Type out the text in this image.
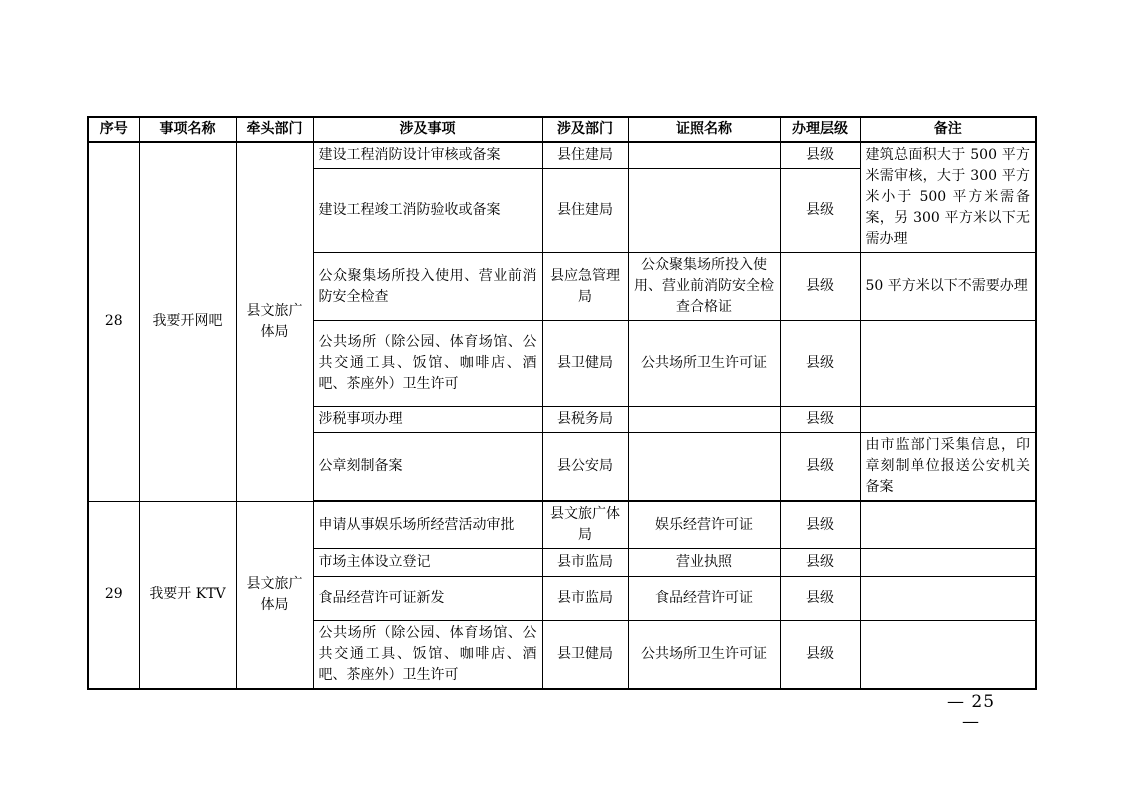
序号	事项名称	牵头部门	涉及事项	涉及部门	证照名称	办理层级	备注
28	我要开网吧	县文旅广体局	建设工程消防设计审核或备案	县住建局		县级	建筑总面积大于 500 平方米需审核，大于 300 平方米小于 500 平方米需备案，另 300 平方米以下无需办理
			建设工程竣工消防验收或备案	县住建局		县级	
			公众聚集场所投入使用、营业前消防安全检查	县应急管理局	公众聚集场所投入使用、营业前消防安全检查合格证	县级	50 平方米以下不需要办理
			公共场所（除公园、体育场馆、公共交通工具、饭馆、咖啡店、酒吧、茶座外）卫生许可	县卫健局	公共场所卫生许可证	县级	
			涉税事项办理	县税务局		县级	
			公章刻制备案	县公安局		县级	由市监部门采集信息，印章刻制单位报送公安机关备案
29	我要开 KTV	县文旅广体局	申请从事娱乐场所经营活动审批	县文旅广体局	娱乐经营许可证	县级	
			市场主体设立登记	县市监局	营业执照	县级	
			食品经营许可证新发	县市监局	食品经营许可证	县级	
			公共场所（除公园、体育场馆、公共交通工具、饭馆、咖啡店、酒吧、茶座外）卫生许可	县卫健局	公共场所卫生许可证	县级	
— 25 —
